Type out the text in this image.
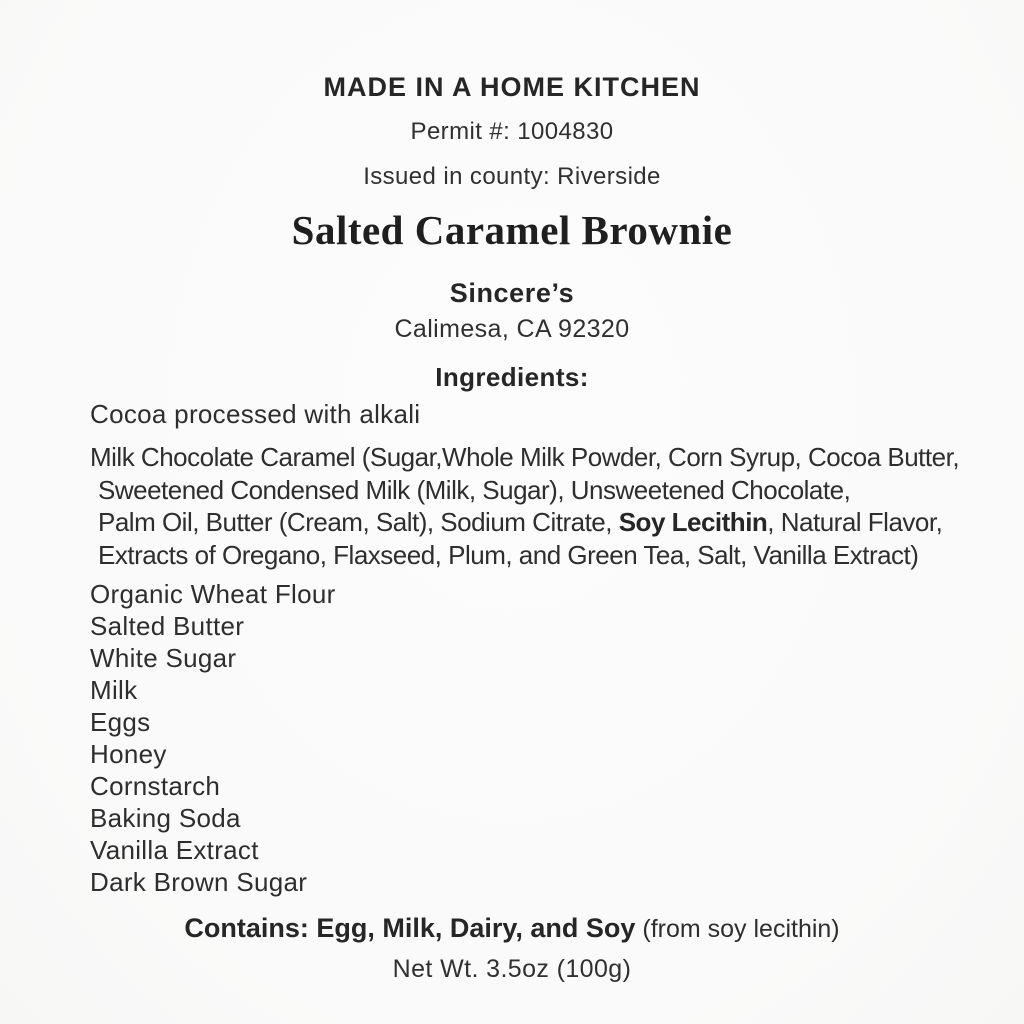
MADE IN A HOME KITCHEN
Permit #: 1004830
Issued in county: Riverside
Salted Caramel Brownie
Sincere’s
Calimesa, CA 92320
Ingredients:
Cocoa processed with alkali
Milk Chocolate Caramel (Sugar,Whole Milk Powder, Corn Syrup, Cocoa Butter,
Sweetened Condensed Milk (Milk, Sugar), Unsweetened Chocolate,
Palm Oil, Butter (Cream, Salt), Sodium Citrate, Soy Lecithin, Natural Flavor,
Extracts of Oregano, Flaxseed, Plum, and Green Tea, Salt, Vanilla Extract)
Organic Wheat Flour
Salted Butter
White Sugar
Milk
Eggs
Honey
Cornstarch
Baking Soda
Vanilla Extract
Dark Brown Sugar
Contains: Egg, Milk, Dairy, and Soy (from soy lecithin)
Net Wt. 3.5oz (100g)
